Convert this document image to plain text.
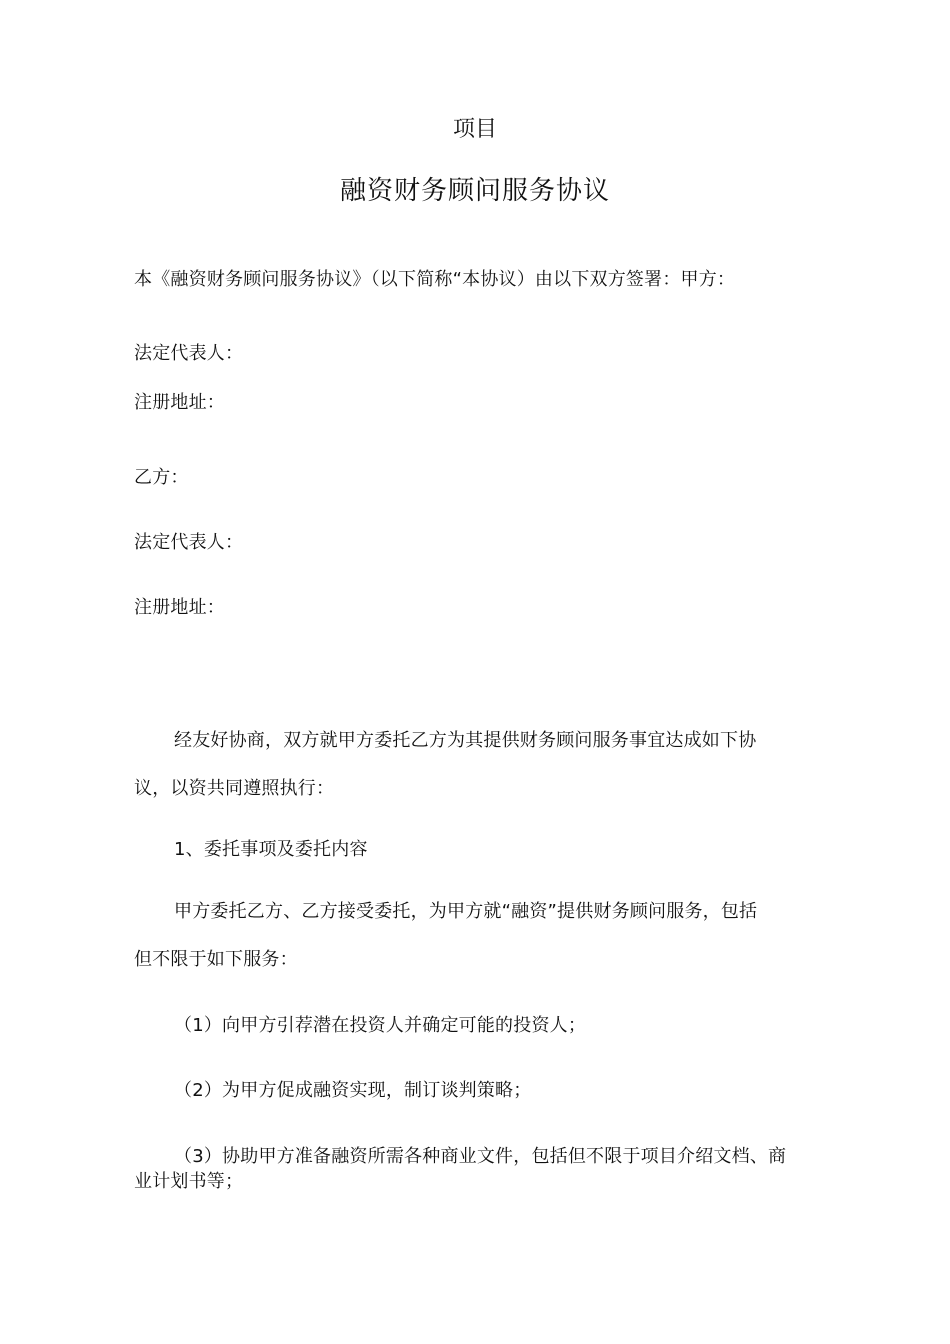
项目
融资财务顾问服务协议
本《融资财务顾问服务协议》（以下简称“本协议）由以下双方签署：甲方：
法定代表人：
注册地址：
乙方：
法定代表人：
注册地址：
经友好协商，双方就甲方委托乙方为其提供财务顾问服务事宜达成如下协
议，以资共同遵照执行：
1、委托事项及委托内容
甲方委托乙方、乙方接受委托，为甲方就“融资”提供财务顾问服务，包括
但不限于如下服务：
（1）向甲方引荐潜在投资人并确定可能的投资人；
（2）为甲方促成融资实现，制订谈判策略；
（3）协助甲方准备融资所需各种商业文件，包括但不限于项目介绍文档、商
业计划书等；
